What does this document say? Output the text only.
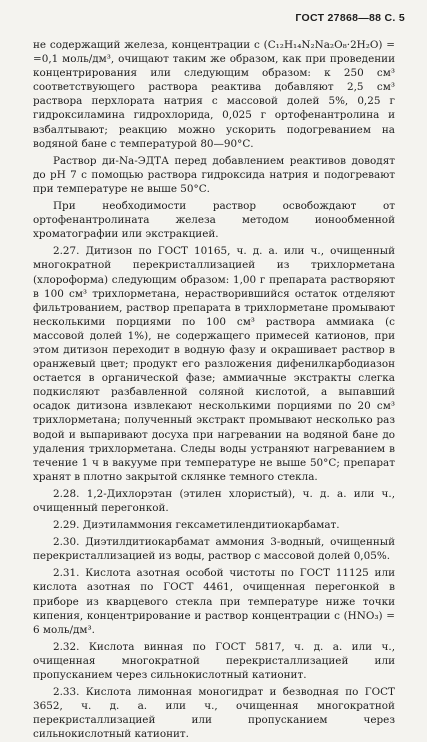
ГОСТ 27868—88 С. 5

не содержащий железа, концентрации c (C₁₂H₁₄N₂Na₂O₈·2H₂O) = =0,1 моль/дм³, очищают таким же образом, как при проведении концентрирования или следующим образом: к 250 см³ соответствующего раствора реактива добавляют 2,5 см³ раствора перхлората натрия с массовой долей 5%, 0,25 г гидроксиламина гидрохлорида, 0,025 г ортофенантролина и взбалтывают; реакцию можно ускорить подогреванием на водяной бане с температурой 80—90°С.

Раствор ди-Na-ЭДТА перед добавлением реактивов доводят до рН 7 с помощью раствора гидроксида натрия и подогревают при температуре не выше 50°С.

При необходимости раствор освобождают от ортофенантролината железа методом ионообменной хроматографии или экстракцией.

2.27. Дитизон по ГОСТ 10165, ч. д. а. или ч., очищенный многократной перекристаллизацией из трихлорметана (хлороформа) следующим образом: 1,00 г препарата растворяют в 100 см³ трихлорметана, нерастворившийся остаток отделяют фильтрованием, раствор препарата в трихлорметане промывают несколькими порциями по 100 см³ раствора аммиака (с массовой долей 1%), не содержащего примесей катионов, при этом дитизон переходит в водную фазу и окрашивает раствор в оранжевый цвет; продукт его разложения дифенилкарбодиазон остается в органической фазе; аммиачные экстракты слегка подкисляют разбавленной соляной кислотой, а выпавший осадок дитизона извлекают несколькими порциями по 20 см³ трихлорметана; полученный экстракт промывают несколько раз водой и выпаривают досуха при нагревании на водяной бане до удаления трихлорметана. Следы воды устраняют нагреванием в течение 1 ч в вакууме при температуре не выше 50°С; препарат хранят в плотно закрытой склянке темного стекла.

2.28. 1,2-Дихлорэтан (этилен хлористый), ч. д. а. или ч., очищенный перегонкой.

2.29. Диэтиламмония гексаметилендитиокарбамат.

2.30. Диэтилдитиокарбамат аммония 3-водный, очищенный перекристаллизацией из воды, раствор с массовой долей 0,05%.

2.31. Кислота азотная особой чистоты по ГОСТ 11125 или кислота азотная по ГОСТ 4461, очищенная перегонкой в приборе из кварцевого стекла при температуре ниже точки кипения, концентрирование и раствор концентрации c (HNO₃) = 6 моль/дм³.

2.32. Кислота винная по ГОСТ 5817, ч. д. а. или ч., очищенная многократной перекристаллизацией или пропусканием через сильнокислотный катионит.

2.33. Кислота лимонная моногидрат и безводная по ГОСТ 3652, ч. д. а. или ч., очищенная многократной перекристаллизацией или пропусканием через сильнокислотный катионит.
